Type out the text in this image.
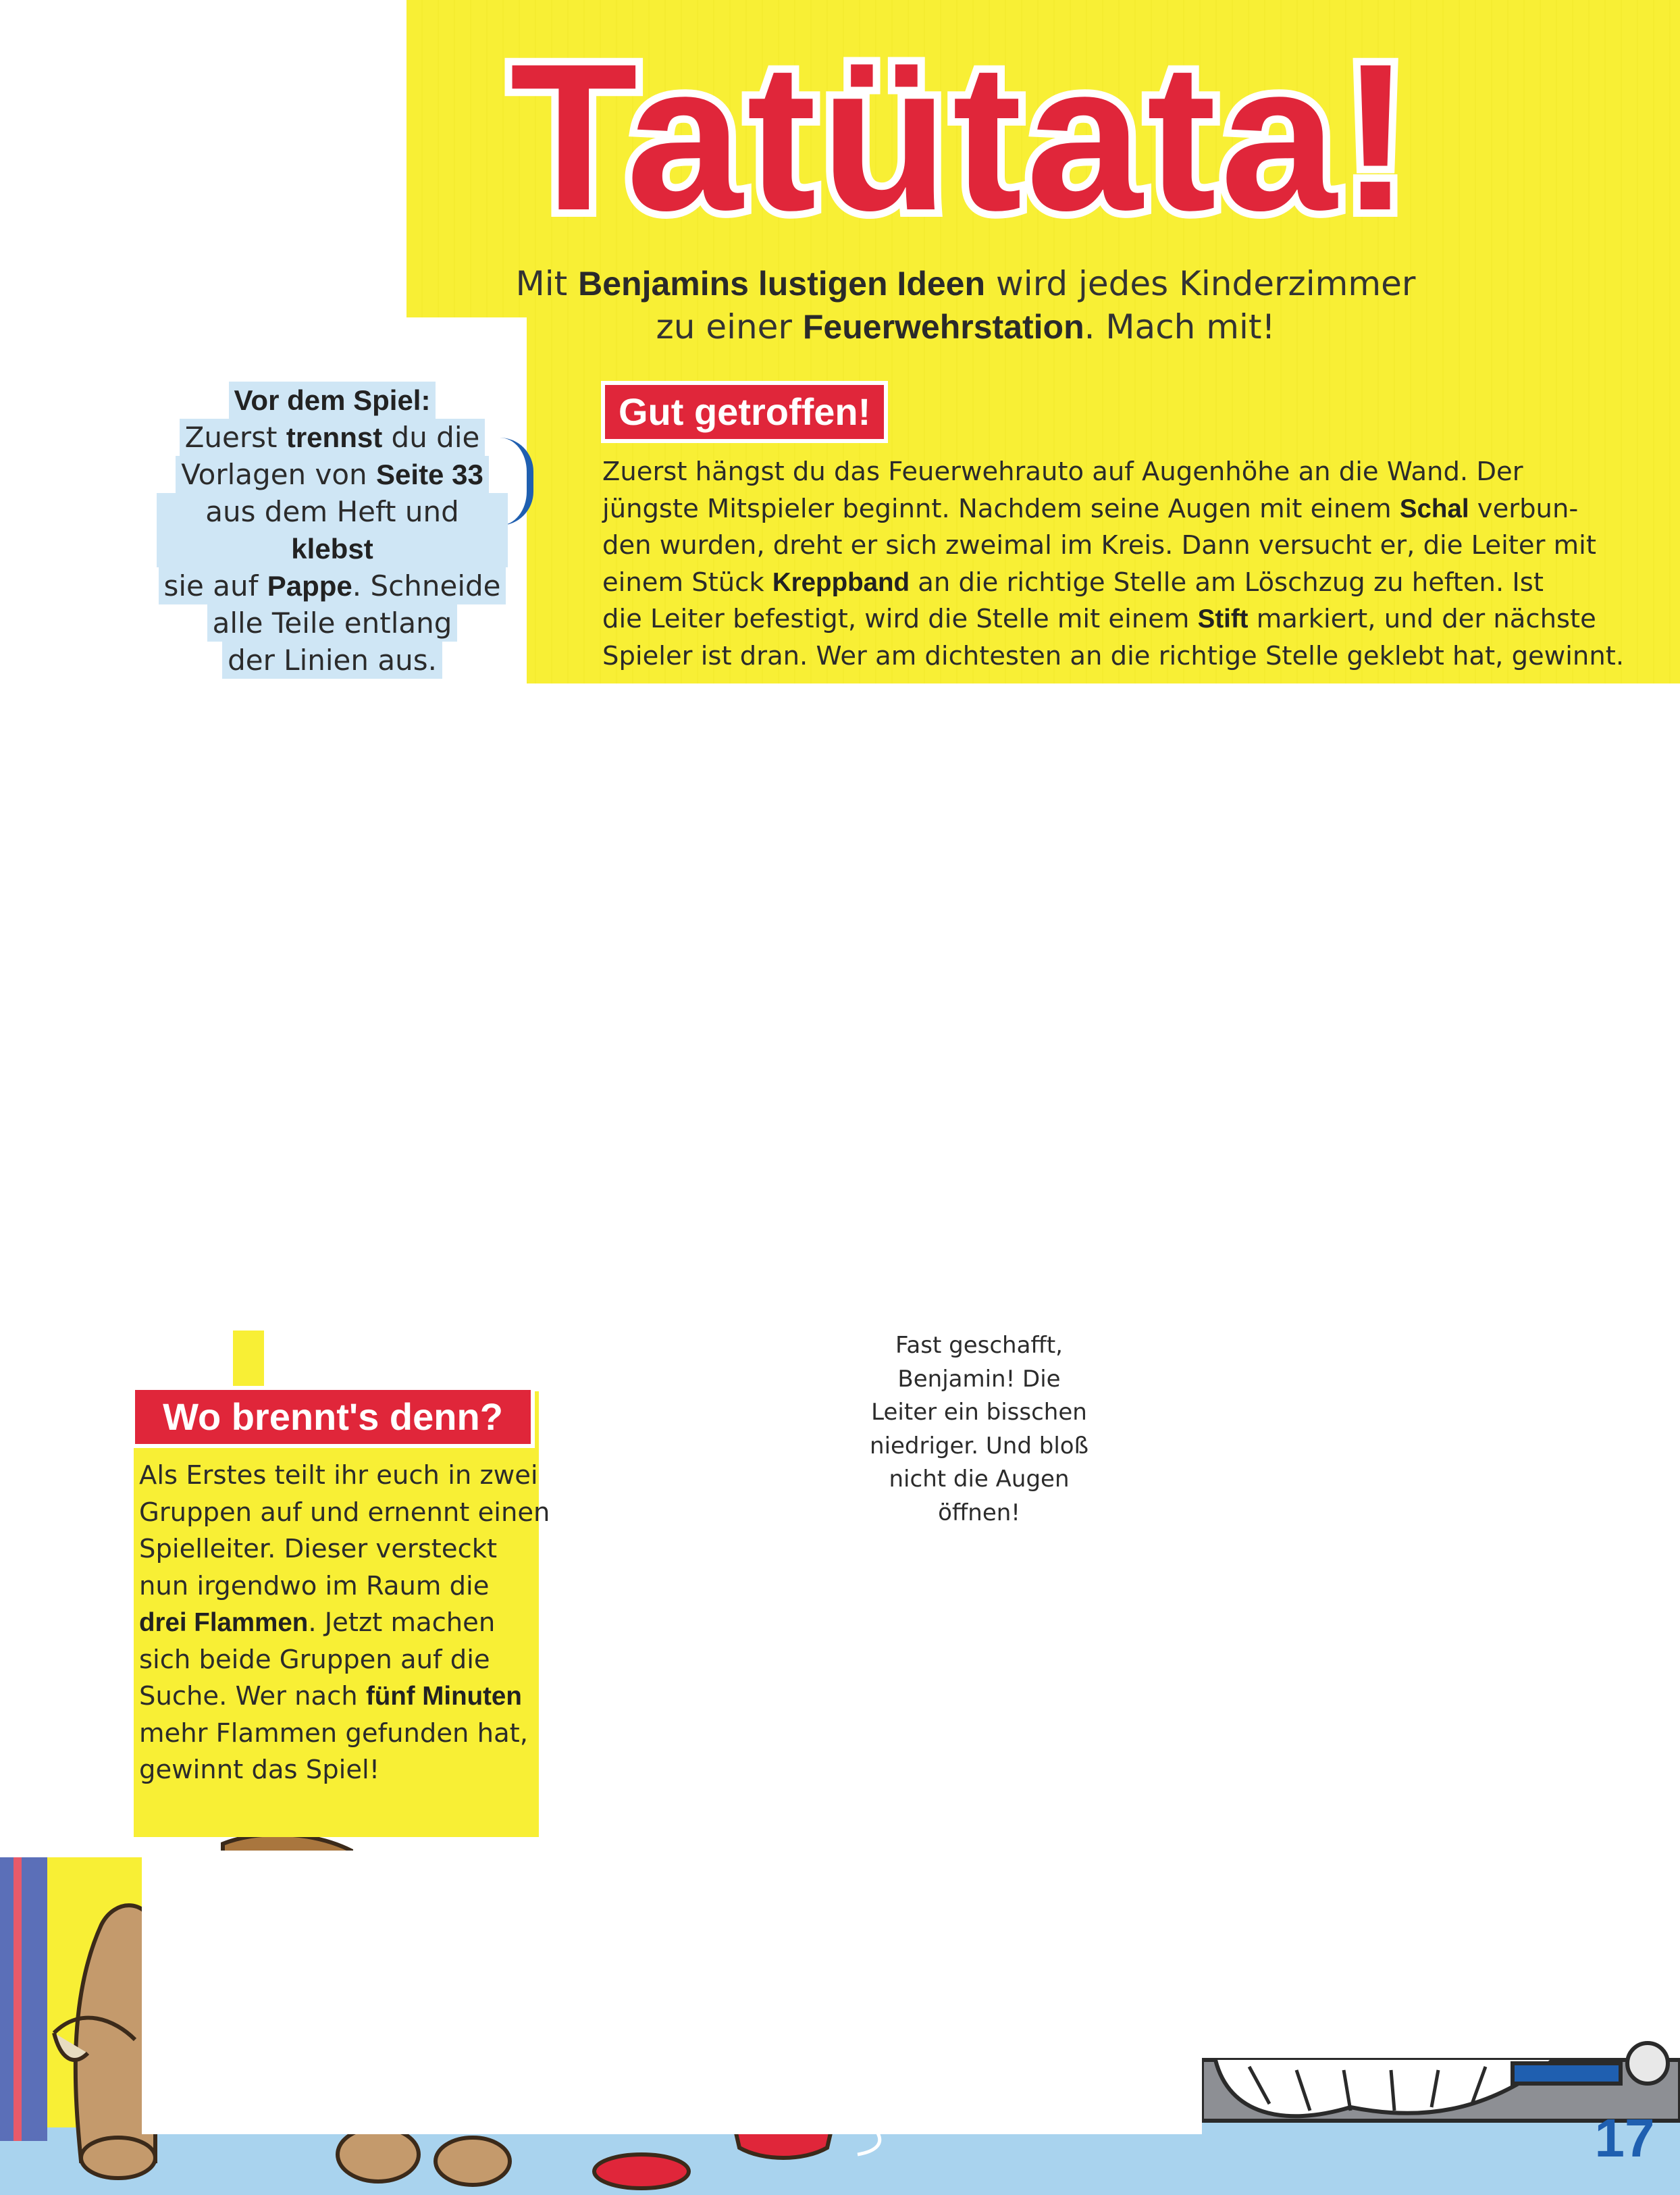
Tatütata!
Mit Benjamins lustigen Ideen wird jedes Kinderzimmer
zu einer Feuerwehrstation. Mach mit!
Vor dem Spiel:
Zuerst trennst du die
Vorlagen von Seite 33
aus dem Heft und klebst
sie auf Pappe. Schneide
alle Teile entlang
der Linien aus.
Gut getroffen!
Zuerst hängst du das Feuerwehrauto auf Augenhöhe an die Wand. Der
jüngste Mitspieler beginnt. Nachdem seine Augen mit einem Schal verbun-
den wurden, dreht er sich zweimal im Kreis. Dann versucht er, die Leiter mit
einem Stück Kreppband an die richtige Stelle am Löschzug zu heften. Ist
die Leiter befestigt, wird die Stelle mit einem Stift markiert, und der nächste
Spieler ist dran. Wer am dichtesten an die richtige Stelle geklebt hat, gewinnt.
Wo brennt's denn?
Als Erstes teilt ihr euch in zwei
Gruppen auf und ernennt einen
Spielleiter. Dieser versteckt
nun irgendwo im Raum die
drei Flammen. Jetzt machen
sich beide Gruppen auf die
Suche. Wer nach fünf Minuten
mehr Flammen gefunden hat,
gewinnt das Spiel!
Fast geschafft,
Benjamin! Die
Leiter ein bisschen
niedriger. Und bloß
nicht die Augen
öffnen!
17
